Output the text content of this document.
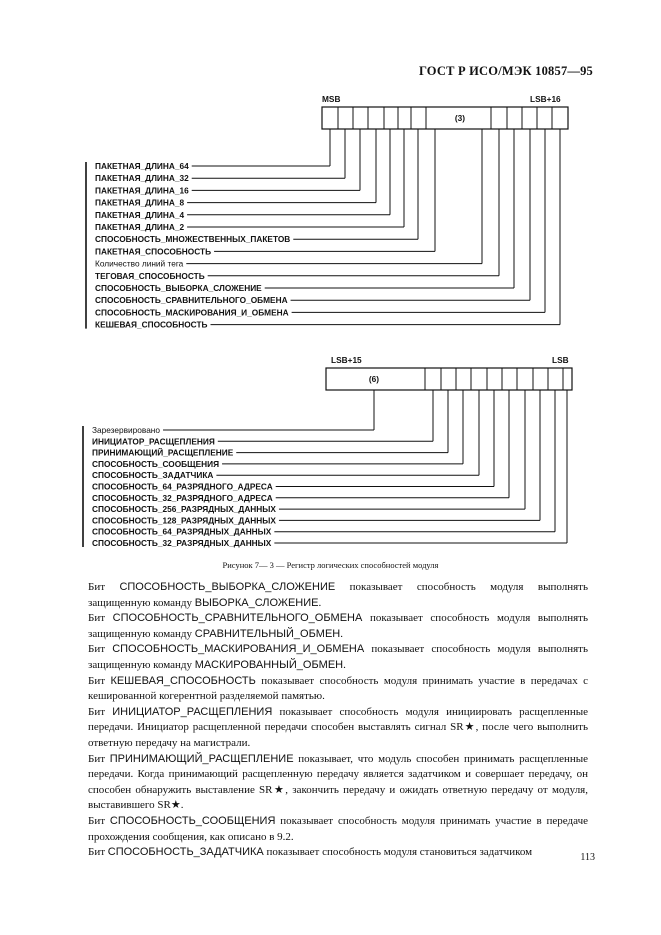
ГОСТ Р ИСО/МЭК 10857—95
MSB	LSB+16
(3)
ПАКЕТНАЯ_ДЛИНА_64
ПАКЕТНАЯ_ДЛИНА_32
ПАКЕТНАЯ_ДЛИНА_16
ПАКЕТНАЯ_ДЛИНА_8
ПАКЕТНАЯ_ДЛИНА_4
ПАКЕТНАЯ_ДЛИНА_2
СПОСОБНОСТЬ_МНОЖЕСТВЕННЫХ_ПАКЕТОВ
ПАКЕТНАЯ_СПОСОБНОСТЬ
Количество линий тега
ТЕГОВАЯ_СПОСОБНОСТЬ
СПОСОБНОСТЬ_ВЫБОРКА_СЛОЖЕНИЕ
СПОСОБНОСТЬ_СРАВНИТЕЛЬНОГО_ОБМЕНА
СПОСОБНОСТЬ_МАСКИРОВАНИЯ_И_ОБМЕНА
КЕШЕВАЯ_СПОСОБНОСТЬ
LSB+15	LSB
(6)
Зарезервировано
ИНИЦИАТОР_РАСЩЕПЛЕНИЯ
ПРИНИМАЮЩИЙ_РАСЩЕПЛЕНИЕ
СПОСОБНОСТЬ_СООБЩЕНИЯ
СПОСОБНОСТЬ_ЗАДАТЧИКА
СПОСОБНОСТЬ_64_РАЗРЯДНОГО_АДРЕСА
СПОСОБНОСТЬ_32_РАЗРЯДНОГО_АДРЕСА
СПОСОБНОСТЬ_256_РАЗРЯДНЫХ_ДАННЫХ
СПОСОБНОСТЬ_128_РАЗРЯДНЫХ_ДАННЫХ
СПОСОБНОСТЬ_64_РАЗРЯДНЫХ_ДАННЫХ
СПОСОБНОСТЬ_32_РАЗРЯДНЫХ_ДАННЫХ
Рисунок 7— 3 — Регистр логических способностей модуля

Бит СПОСОБНОСТЬ_ВЫБОРКА_СЛОЖЕНИЕ показывает способность модуля выполнять защищенную команду ВЫБОРКА_СЛОЖЕНИЕ.

Бит СПОСОБНОСТЬ_СРАВНИТЕЛЬНОГО_ОБМЕНА показывает способность модуля выполнять защищенную команду СРАВНИТЕЛЬНЫЙ_ОБМЕН.

Бит СПОСОБНОСТЬ_МАСКИРОВАНИЯ_И_ОБМЕНА показывает способность модуля выполнять защищенную команду МАСКИРОВАННЫЙ_ОБМЕН.

Бит КЕШЕВАЯ_СПОСОБНОСТЬ показывает способность модуля принимать участие в передачах с кешированной когерентной разделяемой памятью.

Бит ИНИЦИАТОР_РАСЩЕПЛЕНИЯ показывает способность модуля инициировать расщепленные передачи. Инициатор расщепленной передачи способен выставлять сигнал SR★, после чего выполнить ответную передачу на магистрали.

Бит ПРИНИМАЮЩИЙ_РАСЩЕПЛЕНИЕ показывает, что модуль способен принимать расщепленные передачи. Когда принимающий расщепленную передачу является задатчиком и совершает передачу, он способен обнаружить выставление SR★, закончить передачу и ожидать ответную передачу от модуля, выставившего SR★.

Бит СПОСОБНОСТЬ_СООБЩЕНИЯ показывает способность модуля принимать участие в передаче прохождения сообщения, как описано в 9.2.

Бит СПОСОБНОСТЬ_ЗАДАТЧИКА показывает способность модуля становиться задатчиком	113
